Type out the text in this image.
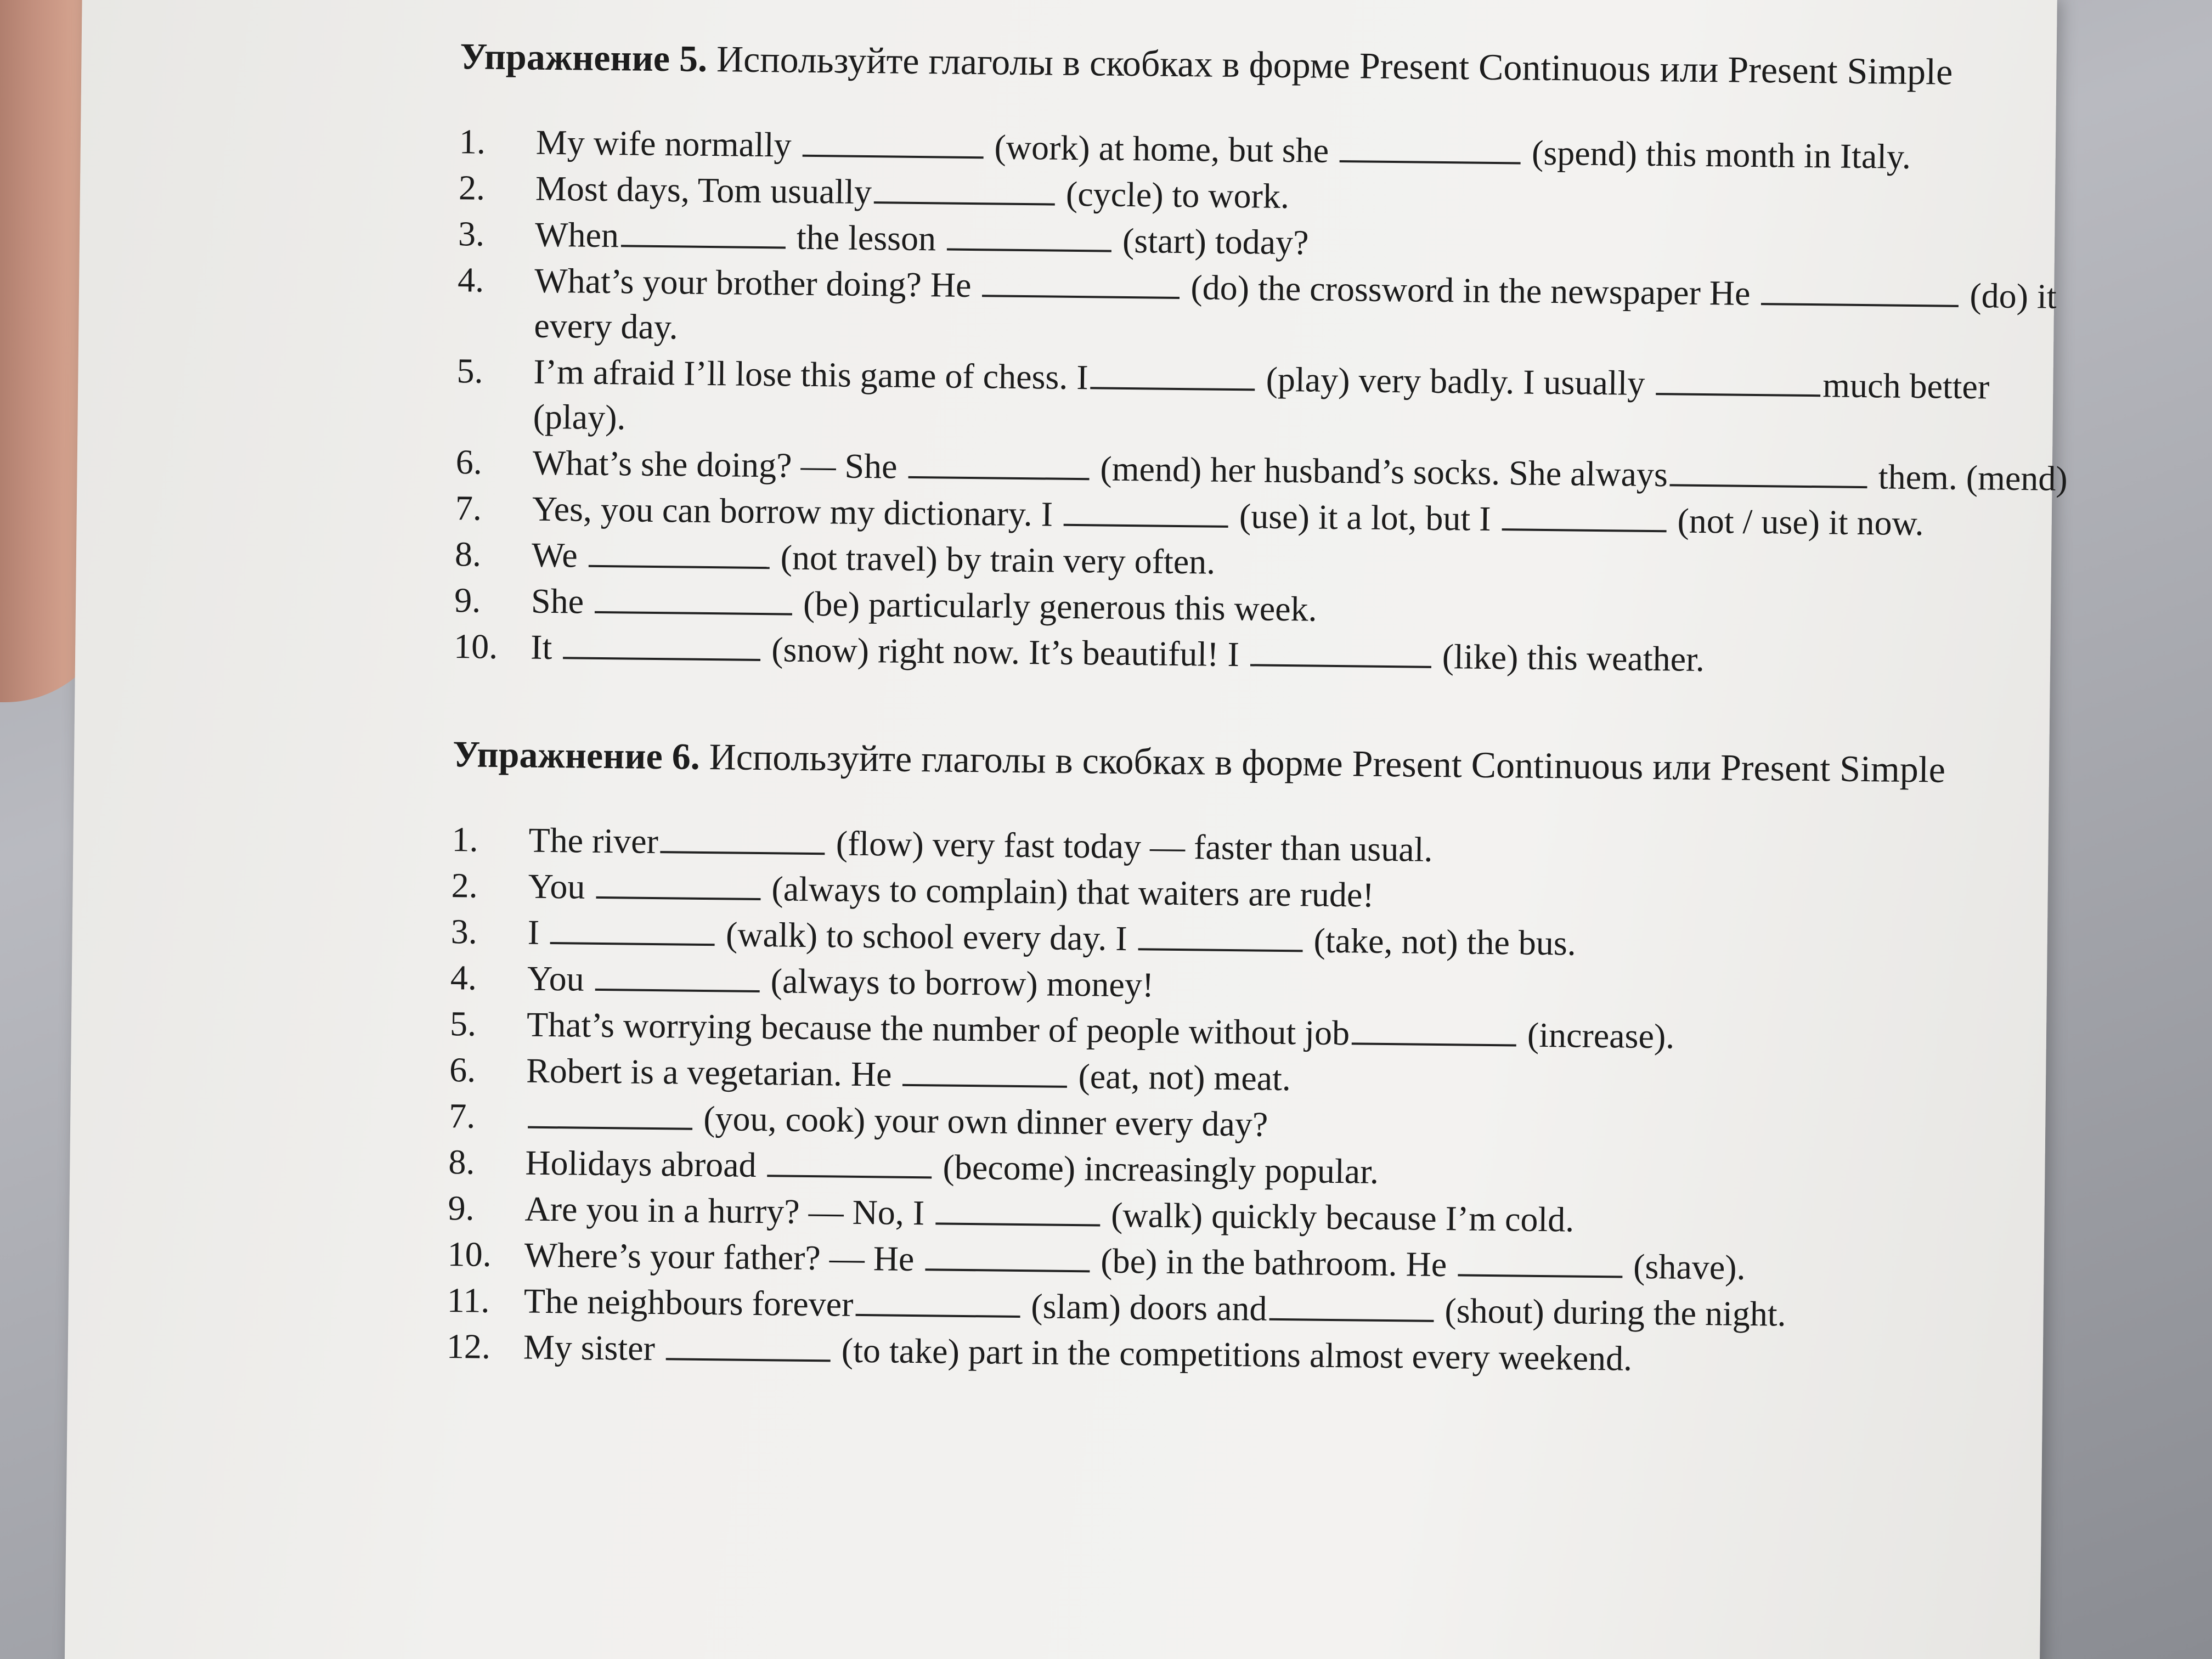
Упражнение 5. Используйте глаголы в скобках в форме Present Continuous или Present Simple
1. My wife normally	(work) at home, but she	(spend) this month in Italy.
2. Most days, Tom usually	(cycle) to work.
3. When	the lesson	(start) today?
4. What’s your brother doing? He	(do) the crossword in the newspaper He	(do) it every day.
5. I’m afraid I’ll lose this game of chess. I	(play) very badly. I usually	much better (play).
6. What’s she doing? — She	(mend) her husband’s socks. She always	them. (mend)
7. Yes, you can borrow my dictionary. I	(use) it a lot, but I	(not / use) it now.
8. We	(not travel) by train very often.
9. She	(be) particularly generous this week.
10. It	(snow) right now. It’s beautiful! I	(like) this weather.
Упражнение 6. Используйте глаголы в скобках в форме Present Continuous или Present Simple
1. The river	(flow) very fast today — faster than usual.
2. You	(always to complain) that waiters are rude!
3. I	(walk) to school every day. I	(take, not) the bus.
4. You	(always to borrow) money!
5. That’s worrying because the number of people without job	(increase).
6. Robert is a vegetarian. He	(eat, not) meat.
7.	(you, cook) your own dinner every day?
8. Holidays abroad	(become) increasingly popular.
9. Are you in a hurry? — No, I	(walk) quickly because I’m cold.
10. Where’s your father? — He	(be) in the bathroom. He	(shave).
11. The neighbours forever	(slam) doors and	(shout) during the night.
12. My sister	(to take) part in the competitions almost every weekend.
